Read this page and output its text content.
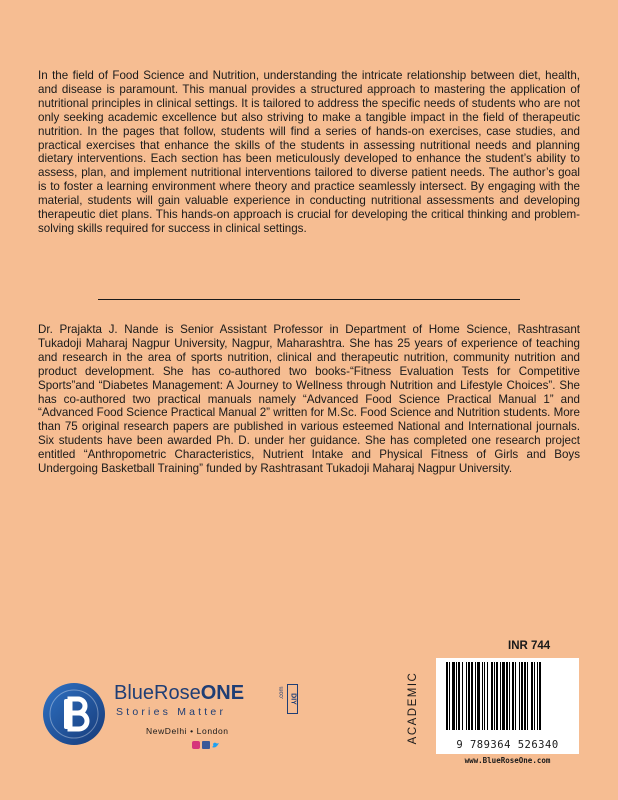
In the field of Food Science and Nutrition, understanding the intricate relationship between diet, health, and disease is paramount. This manual provides a structured approach to mastering the application of nutritional principles in clinical settings. It is tailored to address the specific needs of students who are not only seeking academic excellence but also striving to make a tangible impact in the field of therapeutic nutrition. In the pages that follow, students will find a series of hands-on exercises, case studies, and practical exercises that enhance the skills of the students in assessing nutritional needs and planning dietary interventions. Each section has been meticulously developed to enhance the student’s ability to assess, plan, and implement nutritional interventions tailored to diverse patient needs. The author’s goal is to foster a learning environment where theory and practice seamlessly intersect. By engaging with the material, students will gain valuable experience in conducting nutritional assessments and developing therapeutic diet plans. This hands-on approach is crucial for developing the critical thinking and problem-solving skills required for success in clinical settings.

Dr. Prajakta J. Nande is Senior Assistant Professor in Department of Home Science, Rashtrasant Tukadoji Maharaj Nagpur University, Nagpur, Maharashtra. She has 25 years of experience of teaching and research in the area of sports nutrition, clinical and therapeutic nutrition, community nutrition and product development. She has co-authored two books-“Fitness Evaluation Tests for Competitive Sports”and “Diabetes Management: A Journey to Wellness through Nutrition and Lifestyle Choices”. She has co-authored two practical manuals namely “Advanced Food Science Practical Manual 1” and “Advanced Food Science Practical Manual 2” written for M.Sc. Food Science and Nutrition students. More than 75 original research papers are published in various esteemed National and International journals. Six students have been awarded Ph. D. under her guidance. She has completed one research project entitled “Anthropometric Characteristics, Nutrient Intake and Physical Fitness of Girls and Boys Undergoing Basketball Training” funded by Rashtrasant Tukadoji Maharaj Nagpur University.

BlueRoseONE	.com DIY
Stories Matter
NewDelhi • London
INR 744
ACADEMIC
9 789364 526340
www.BlueRoseOne.com
